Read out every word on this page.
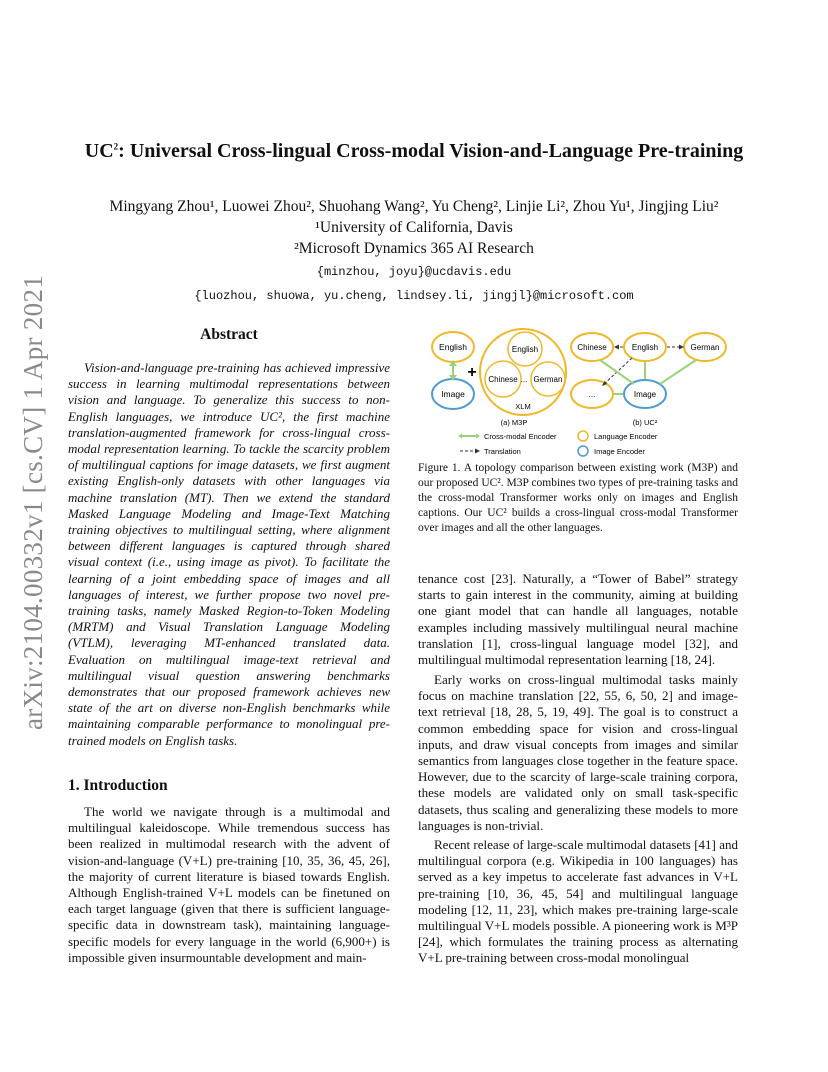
arXiv:2104.00332v1 [cs.CV] 1 Apr 2021
$UC^2$: Universal Cross-lingual Cross-modal Vision-and-Language Pre-training
Mingyang Zhou¹, Luowei Zhou², Shuohang Wang², Yu Cheng², Linjie Li², Zhou Yu¹, Jingjing Liu²
¹University of California, Davis
²Microsoft Dynamics 365 AI Research
{minzhou, joyu}@ucdavis.edu
{luozhou, shuowa, yu.cheng, lindsey.li, jingjl}@microsoft.com
Abstract
Vision-and-language pre-training has achieved impressive success in learning multimodal representations between vision and language. To generalize this success to non-English languages, we introduce UC², the first machine translation-augmented framework for cross-lingual cross-modal representation learning. To tackle the scarcity problem of multilingual captions for image datasets, we first augment existing English-only datasets with other languages via machine translation (MT). Then we extend the standard Masked Language Modeling and Image-Text Matching training objectives to multilingual setting, where alignment between different languages is captured through shared visual context (i.e., using image as pivot). To facilitate the learning of a joint embedding space of images and all languages of interest, we further propose two novel pre-training tasks, namely Masked Region-to-Token Modeling (MRTM) and Visual Translation Language Modeling (VTLM), leveraging MT-enhanced translated data. Evaluation on multilingual image-text retrieval and multilingual visual question answering benchmarks demonstrates that our proposed framework achieves new state of the art on diverse non-English benchmarks while maintaining comparable performance to monolingual pre-trained models on English tasks.
1. Introduction

The world we navigate through is a multimodal and multilingual kaleidoscope. While tremendous success has been realized in multimodal research with the advent of vision-and-language (V+L) pre-training [10, 35, 36, 45, 26], the majority of current literature is biased towards English. Although English-trained V+L models can be finetuned on each target language (given that there is sufficient language-specific data in downstream task), maintaining language-specific models for every language in the world (6,900+) is impossible given insurmountable development and main-

English
Image
+
English
Chinese ... German
XLM
(a) M3P
Chinese	English	German
...	Image
(b) UC²
Cross-modal Encoder
Translation
Language Encoder
Image Encoder
Figure 1. A topology comparison between existing work (M3P) and our proposed UC². M3P combines two types of pre-training tasks and the cross-modal Transformer works only on images and English captions. Our UC² builds a cross-lingual cross-modal Transformer over images and all the other languages.

tenance cost [23]. Naturally, a “Tower of Babel” strategy starts to gain interest in the community, aiming at building one giant model that can handle all languages, notable examples including massively multilingual neural machine translation [1], cross-lingual language model [32], and multilingual multimodal representation learning [18, 24].

Early works on cross-lingual multimodal tasks mainly focus on machine translation [22, 55, 6, 50, 2] and image-text retrieval [18, 28, 5, 19, 49]. The goal is to construct a common embedding space for vision and cross-lingual inputs, and draw visual concepts from images and similar semantics from languages close together in the feature space. However, due to the scarcity of large-scale training corpora, these models are validated only on small task-specific datasets, thus scaling and generalizing these models to more languages is non-trivial.

Recent release of large-scale multimodal datasets [41] and multilingual corpora (e.g. Wikipedia in 100 languages) has served as a key impetus to accelerate fast advances in V+L pre-training [10, 36, 45, 54] and multilingual language modeling [12, 11, 23], which makes pre-training large-scale multilingual V+L models possible. A pioneering work is M³P [24], which formulates the training process as alternating V+L pre-training between cross-modal monolingual
